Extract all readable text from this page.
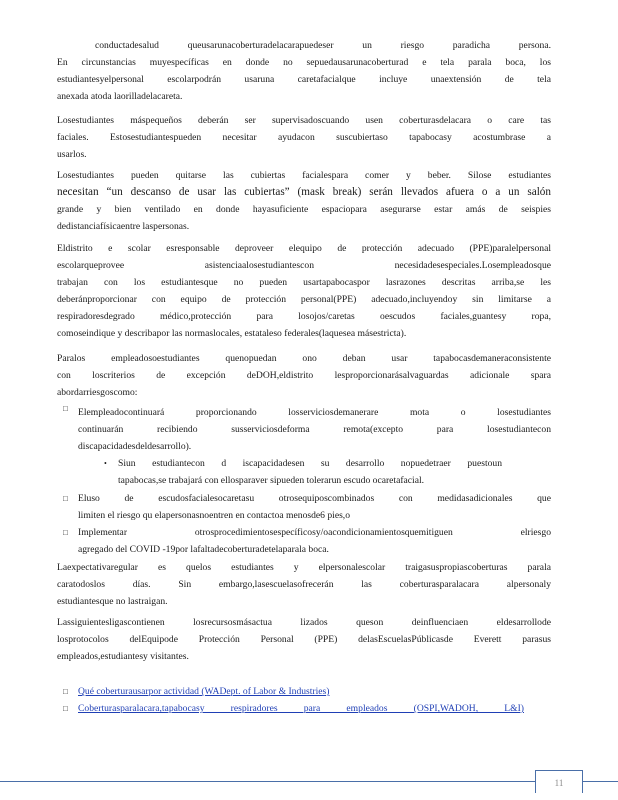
conductadesalud queusarunacoberturadelacarapuedeser un riesgo paradicha persona.
En circunstancias muyespecíficas en donde no sepuedausarunacoberturad e tela parala boca, los
estudiantesyelpersonal escolarpodrán usaruna caretafacialque incluye unaextensión de tela
anexada atoda laorilladelacareta.
Losestudiantes máspequeños deberán ser supervisadoscuando usen coberturasdelacara o care tas
faciales. Estosestudiantespueden necesitar ayudacon suscubiertaso tapabocasy acostumbrase a
usarlos.
Losestudiantes pueden quitarse las cubiertas facialespara comer y beber. Silose estudiantes
necesitan “un descanso de usar las cubiertas” (mask break) serán llevados afuera o a un salón
grande y bien ventilado en donde hayasuficiente espaciopara asegurarse estar amás de seispies
dedistanciafísicaentre laspersonas.
Eldistrito e scolar esresponsable deproveer elequipo de protección adecuado (PPE)paralelpersonal
escolarqueprovee asistenciaalosestudiantescon necesidadesespeciales.Losempleadosque
trabajan con los estudiantesque no pueden usartapabocaspor lasrazones descritas arriba,se les
deberánproporcionar con equipo de protección personal(PPE) adecuado,incluyendoy sin limitarse a
respiradoresdegrado médico,protección para losojos/caretas oescudos faciales,guantesy ropa,
comoseindique y describapor las normaslocales, estataleso federales(laquesea másestricta).
Paralos empleadosoestudiantes quenopuedan ono deban usar tapabocasdemaneraconsistente
con loscriterios de excepción deDOH,eldistrito lesproporcionarásalvaguardas adicionale spara
abordarriesgoscomo:
□ Elempleadocontinuará proporcionando losserviciosdemanerare mota o losestudiantes
continuarán recibiendo susserviciosdeforma remota(excepto para losestudiantecon
discapacidadesdeldesarrollo).
• Siun estudiantecon d iscapacidadesen su desarrollo nopuedetraer puestoun
tapabocas,se trabajará con ellosparaver sipueden tolerarun escudo ocaretafacial.
□ Eluso de escudosfacialesocaretasu otrosequiposcombinados con medidasadicionales que
limiten el riesgo qu elapersonasnoentren en contactoa menosde6 pies,o
□ Implementar otrosprocedimientosespecíficosy/oacondicionamientosquemitiguen elriesgo
agregado del COVID -19por lafaltadecoberturadetelaparala boca.
Laexpectativaregular es quelos estudiantes y elpersonalescolar traigasuspropiascoberturas parala
caratodoslos días. Sin embargo,lasescuelasofrecerán las coberturasparalacara alpersonaly
estudiantesque no lastraigan.
Lassiguientesligascontienen losrecursosmásactua lizados queson deinfluenciaen eldesarrollode
losprotocolos delEquipode Protección Personal (PPE) delasEscuelasPúblicasde Everett parasus
empleados,estudiantesy visitantes.
□ Qué coberturausarpor actividad (WADept. of Labor & Industries)
□ Coberturasparalacara,tapabocasy respiradores para empleados (OSPI,WADOH, L&I)
11
